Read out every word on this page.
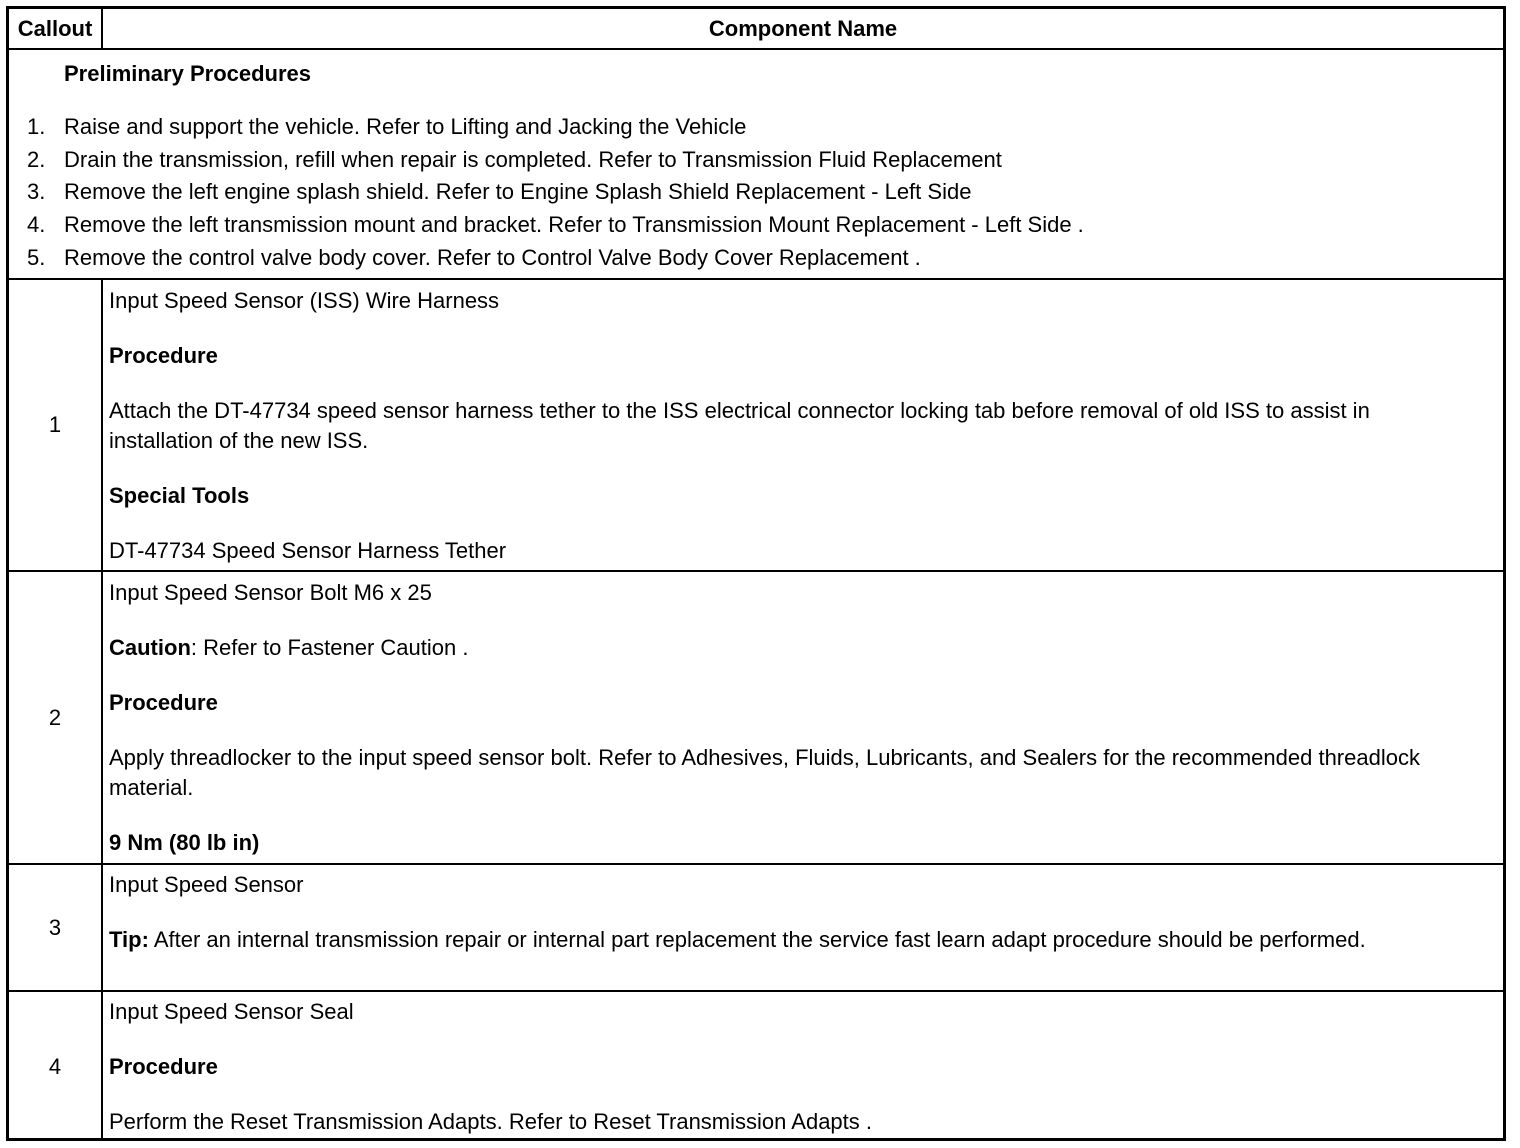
Callout	Component Name
Preliminary Procedures
1. Raise and support the vehicle. Refer to Lifting and Jacking the Vehicle
2. Drain the transmission, refill when repair is completed. Refer to Transmission Fluid Replacement
3. Remove the left engine splash shield. Refer to Engine Splash Shield Replacement - Left Side
4. Remove the left transmission mount and bracket. Refer to Transmission Mount Replacement - Left Side .
5. Remove the control valve body cover. Refer to Control Valve Body Cover Replacement .
1
Input Speed Sensor (ISS) Wire Harness
Procedure
Attach the DT-47734 speed sensor harness tether to the ISS electrical connector locking tab before removal of old ISS to assist in installation of the new ISS.
Special Tools
DT-47734 Speed Sensor Harness Tether
2
Input Speed Sensor Bolt M6 x 25
Caution: Refer to Fastener Caution .
Procedure
Apply threadlocker to the input speed sensor bolt. Refer to Adhesives, Fluids, Lubricants, and Sealers for the recommended threadlock material.
9 Nm (80 lb in)
3
Input Speed Sensor
Tip: After an internal transmission repair or internal part replacement the service fast learn adapt procedure should be performed.
4
Input Speed Sensor Seal
Procedure
Perform the Reset Transmission Adapts. Refer to Reset Transmission Adapts .
